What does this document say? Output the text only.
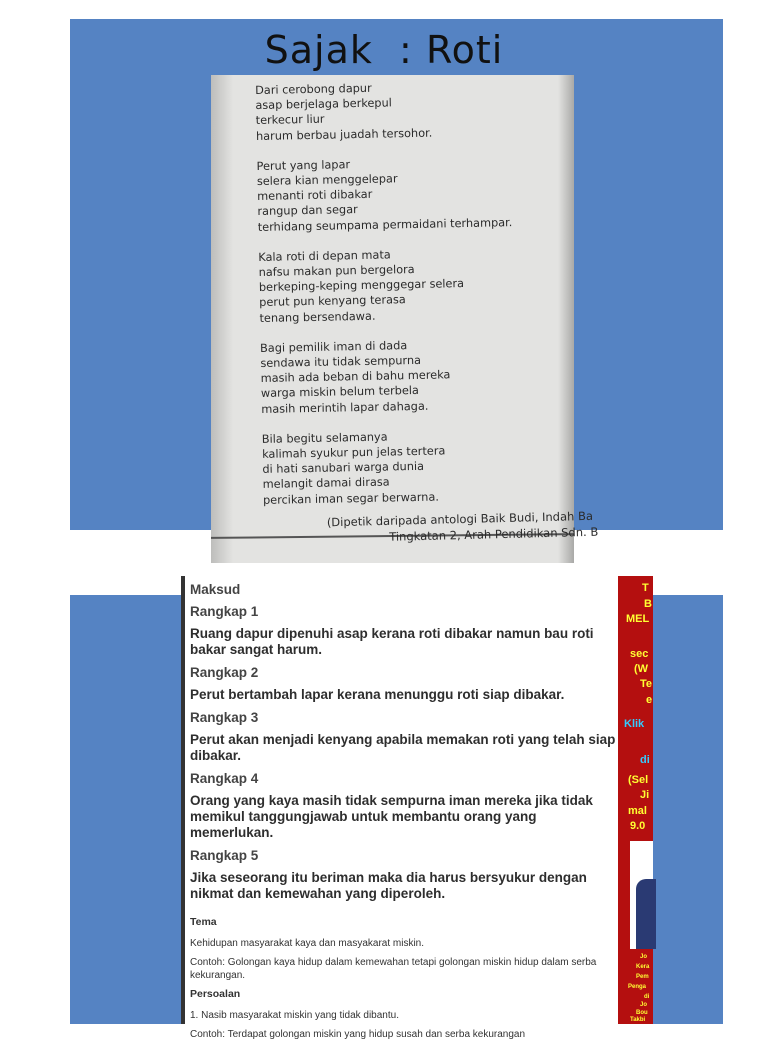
Sajak  : Roti
Dari cerobong dapur
asap berjelaga berkepul
terkecur liur
harum berbau juadah tersohor.
Perut yang lapar
selera kian menggelepar
menanti roti dibakar
rangup dan segar
terhidang seumpama permaidani terhampar.
Kala roti di depan mata
nafsu makan pun bergelora
berkeping-keping menggegar selera
perut pun kenyang terasa
tenang bersendawa.
Bagi pemilik iman di dada
sendawa itu tidak sempurna
masih ada beban di bahu mereka
warga miskin belum terbela
masih merintih lapar dahaga.
Bila begitu selamanya
kalimah syukur pun jelas tertera
di hati sanubari warga dunia
melangit damai dirasa
percikan iman segar berwarna.
(Dipetik daripada antologi Baik Budi, Indah Ba
Tingkatan 2, Arah Pendidikan Sdn. B
Maksud
Rangkap 1
Ruang dapur dipenuhi asap kerana roti dibakar namun bau roti bakar sangat harum.
Rangkap 2
Perut bertambah lapar kerana menunggu roti siap dibakar.
Rangkap 3
Perut akan menjadi kenyang apabila memakan roti yang telah siap dibakar.
Rangkap 4
Orang yang kaya masih tidak sempurna iman mereka jika tidak memikul tanggungjawab untuk membantu orang yang memerlukan.
Rangkap 5
Jika seseorang itu beriman maka dia harus bersyukur dengan nikmat dan kemewahan yang diperoleh.
Tema
Kehidupan masyarakat kaya dan masyakarat miskin.
Contoh: Golongan kaya hidup dalam kemewahan tetapi golongan miskin hidup dalam serba kekurangan.
Persoalan
1. Nasib masyarakat miskin yang tidak dibantu.
Contoh: Terdapat golongan miskin yang hidup susah dan serba kekurangan
T
B
MEL
sec
(W
Te
e
Klik
di
(Sel
Ji
mal
9.0
Jo
Kera
Pem
Penga
di
Jo
Bou
Takbi
